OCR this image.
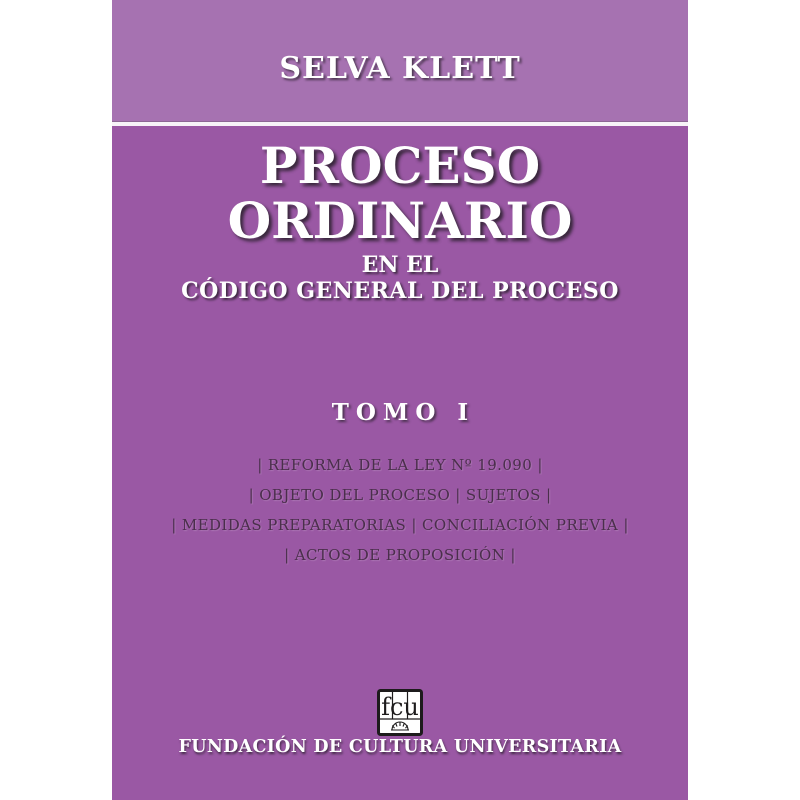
SELVA KLETT
PROCESO
ORDINARIO
EN EL
CÓDIGO GENERAL DEL PROCESO
TOMO I
| REFORMA DE LA LEY Nº 19.090 |
| OBJETO DEL PROCESO | SUJETOS |
| MEDIDAS PREPARATORIAS | CONCILIACIÓN PREVIA |
| ACTOS DE PROPOSICIÓN |
fcu
FUNDACIÓN DE CULTURA UNIVERSITARIA
